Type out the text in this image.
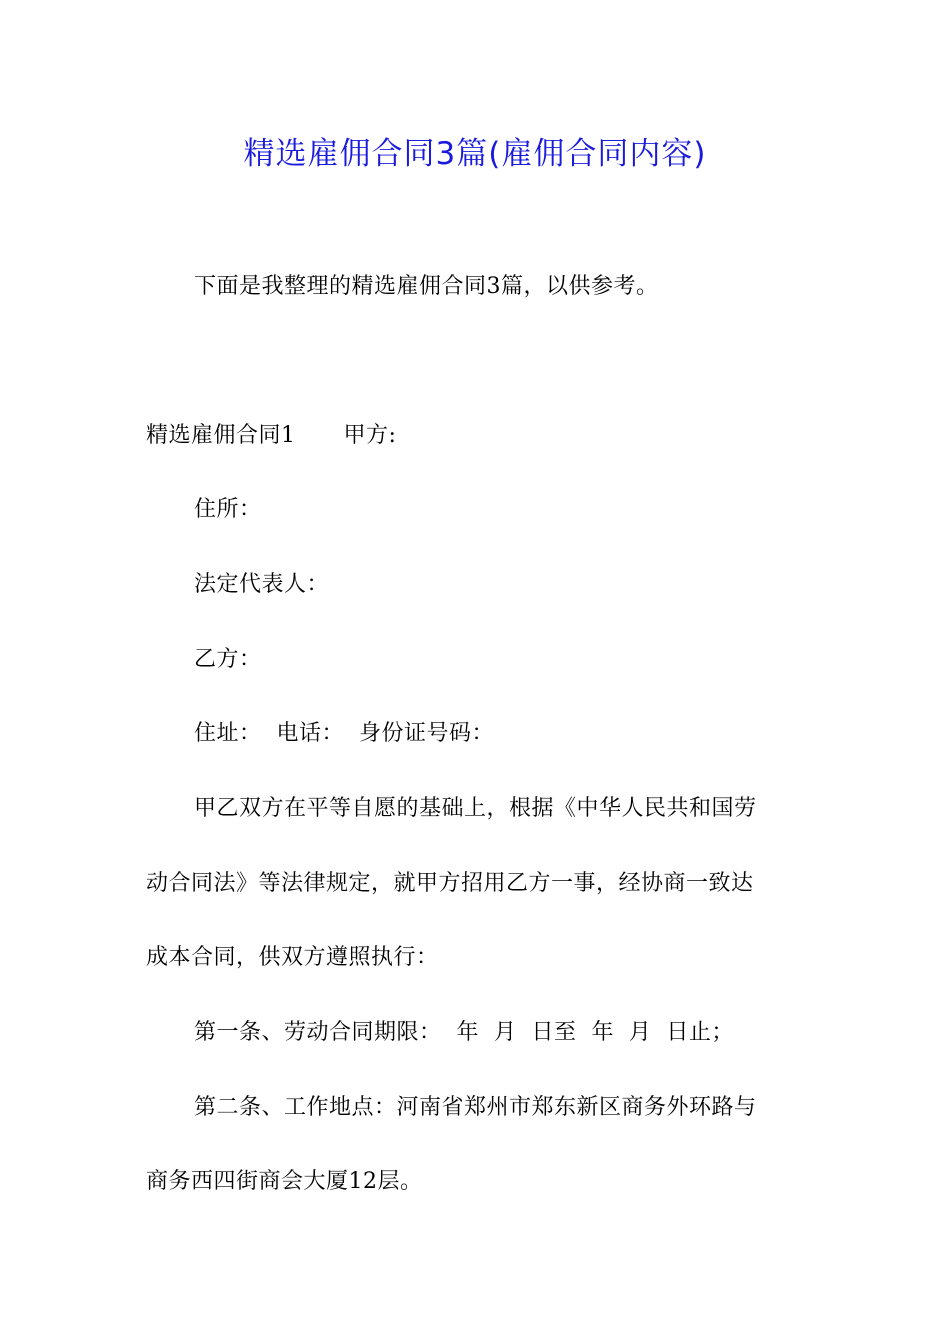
精选雇佣合同3篇(雇佣合同内容)
下面是我整理的精选雇佣合同3篇，以供参考。
精选雇佣合同1 甲方:
住所：
法定代表人：
乙方：
住址：  电话：  身份证号码：
甲乙双方在平等自愿的基础上，根据《中华人民共和国劳
动合同法》等法律规定，就甲方招用乙方一事，经协商一致达
成本合同，供双方遵照执行：
第一条、劳动合同期限：  年  月  日至  年  月  日止；
第二条、工作地点：河南省郑州市郑东新区商务外环路与
商务西四街商会大厦12层。
